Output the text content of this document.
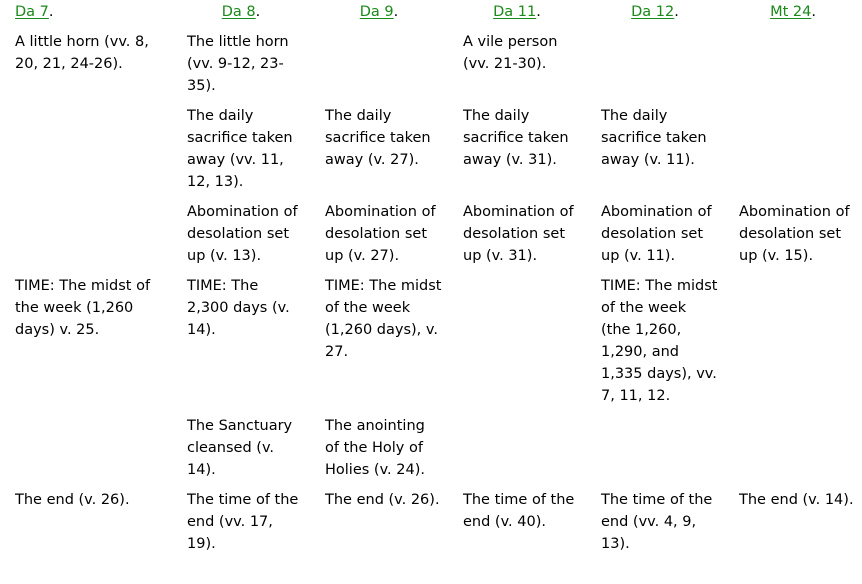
Da 7.	Da 8.	Da 9.	Da 11.	Da 12.	Mt 24.
A little horn (vv. 8, 20, 21, 24-26).	The little horn (vv. 9-12, 23-35).		A vile person (vv. 21-30).		
	The daily sacrifice taken away (vv. 11, 12, 13).	The daily sacrifice taken away (v. 27).	The daily sacrifice taken away (v. 31).	The daily sacrifice taken away (v. 11).	
	Abomination of desolation set up (v. 13).	Abomination of desolation set up (v. 27).	Abomination of desolation set up (v. 31).	Abomination of desolation set up (v. 11).	Abomination of desolation set up (v. 15).
TIME: The midst of the week (1,260 days) v. 25.	TIME: The 2,300 days (v. 14).	TIME: The midst of the week (1,260 days), v. 27.		TIME: The midst of the week (the 1,260, 1,290, and 1,335 days), vv. 7, 11, 12.	
	The Sanctuary cleansed (v. 14).	The anointing of the Holy of Holies (v. 24).			
The end (v. 26).	The time of the end (vv. 17, 19).	The end (v. 26).	The time of the end (v. 40).	The time of the end (vv. 4, 9, 13).	The end (v. 14).
